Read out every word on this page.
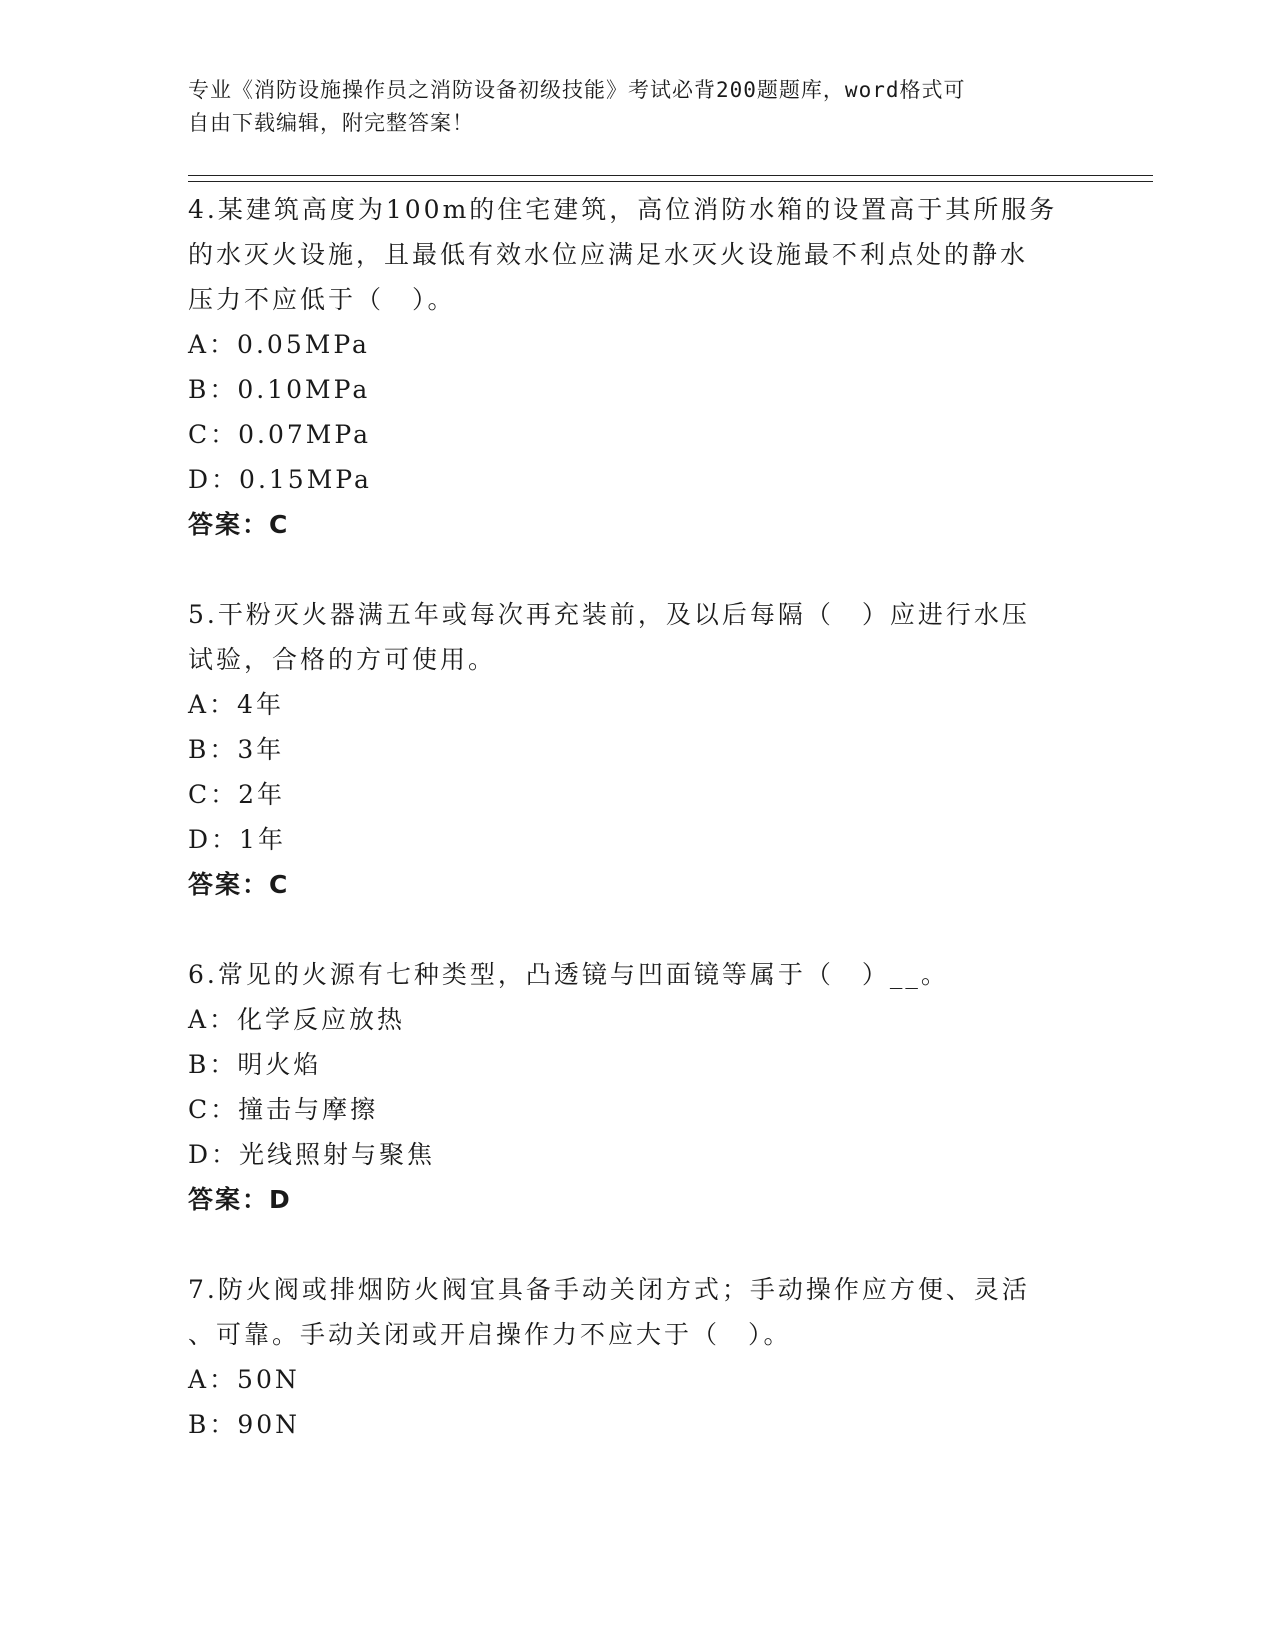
专业《消防设施操作员之消防设备初级技能》考试必背200题题库，word格式可
自由下载编辑，附完整答案！
4.某建筑高度为100m的住宅建筑，高位消防水箱的设置高于其所服务
的水灭火设施，且最低有效水位应满足水灭火设施最不利点处的静水
压力不应低于（　）。
A：0.05MPa
B：0.10MPa
C：0.07MPa
D：0.15MPa
答案：C
5.干粉灭火器满五年或每次再充装前，及以后每隔（　）应进行水压
试验，合格的方可使用。
A：4年
B：3年
C：2年
D：1年
答案：C
6.常见的火源有七种类型，凸透镜与凹面镜等属于（　）__。
A：化学反应放热
B：明火焰
C：撞击与摩擦
D：光线照射与聚焦
答案：D
7.防火阀或排烟防火阀宜具备手动关闭方式；手动操作应方便、灵活
、可靠。手动关闭或开启操作力不应大于（　）。
A：50N
B：90N
